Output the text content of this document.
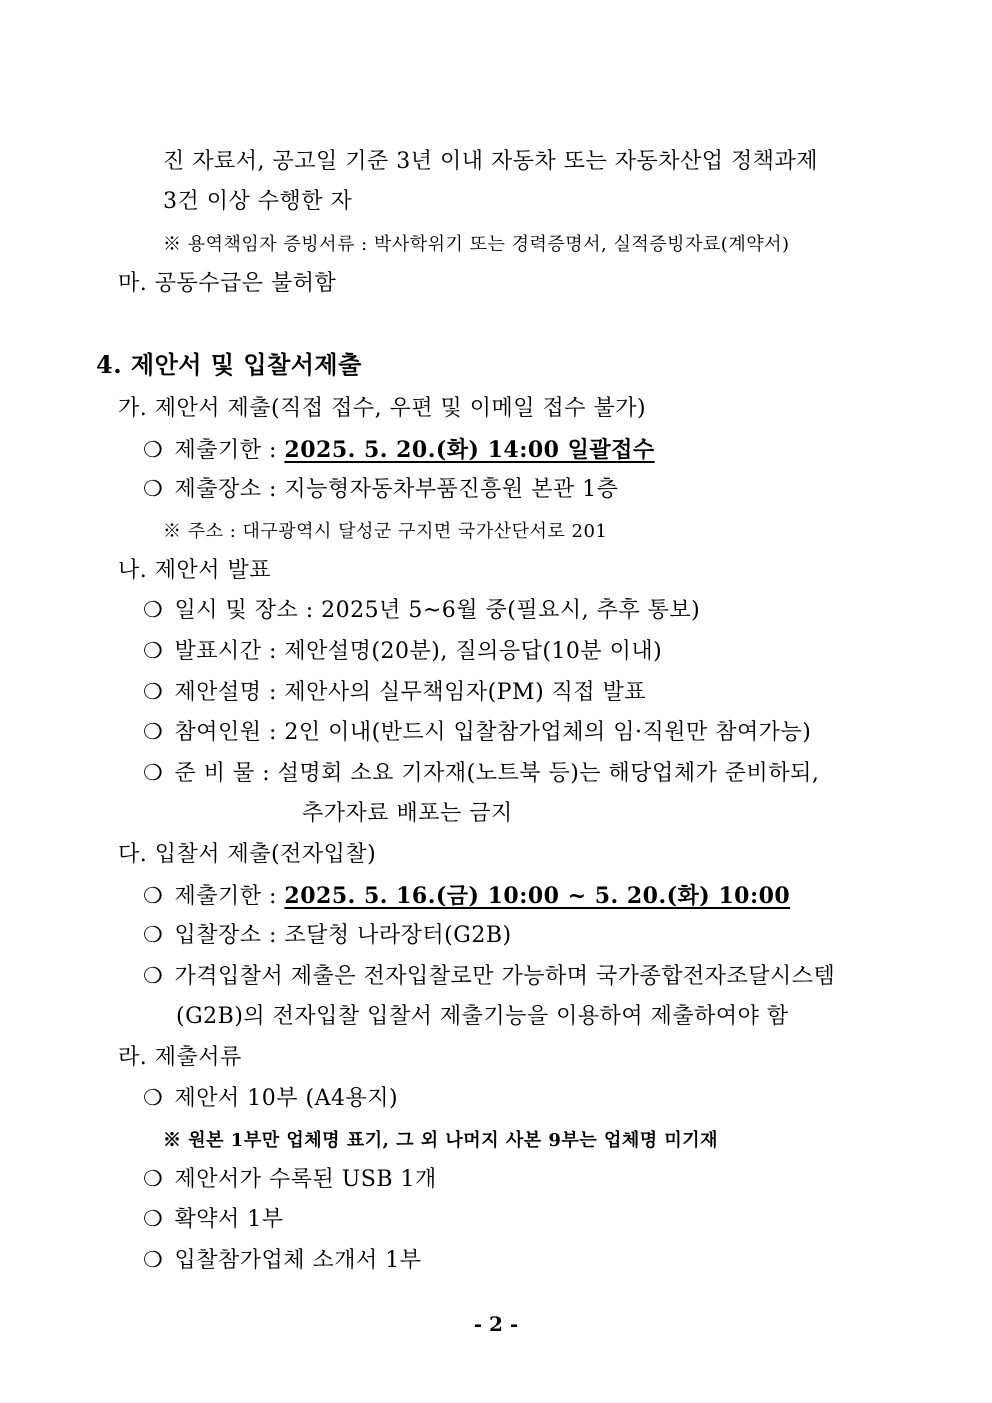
진 자료서, 공고일 기준 3년 이내 자동차 또는 자동차산업 정책과제
3건 이상 수행한 자
※ 용역책임자 증빙서류 : 박사학위기 또는 경력증명서, 실적증빙자료(계약서)
마. 공동수급은 불허함
4. 제안서 및 입찰서제출
가. 제안서 제출(직접 접수, 우편 및 이메일 접수 불가)
❍ 제출기한 : 2025. 5. 20.(화) 14:00 일괄접수
❍ 제출장소 : 지능형자동차부품진흥원 본관 1층
※ 주소 : 대구광역시 달성군 구지면 국가산단서로 201
나. 제안서 발표
❍ 일시 및 장소 : 2025년 5~6월 중(필요시, 추후 통보)
❍ 발표시간 : 제안설명(20분), 질의응답(10분 이내)
❍ 제안설명 : 제안사의 실무책임자(PM) 직접 발표
❍ 참여인원 : 2인 이내(반드시 입찰참가업체의 임·직원만 참여가능)
❍ 준 비 물 : 설명회 소요 기자재(노트북 등)는 해당업체가 준비하되,
추가자료 배포는 금지
다. 입찰서 제출(전자입찰)
❍ 제출기한 : 2025. 5. 16.(금) 10:00 ~ 5. 20.(화) 10:00
❍ 입찰장소 : 조달청 나라장터(G2B)
❍ 가격입찰서 제출은 전자입찰로만 가능하며 국가종합전자조달시스템
(G2B)의 전자입찰 입찰서 제출기능을 이용하여 제출하여야 함
라. 제출서류
❍ 제안서 10부 (A4용지)
※ 원본 1부만 업체명 표기, 그 외 나머지 사본 9부는 업체명 미기재
❍ 제안서가 수록된 USB 1개
❍ 확약서 1부
❍ 입찰참가업체 소개서 1부
- 2 -
